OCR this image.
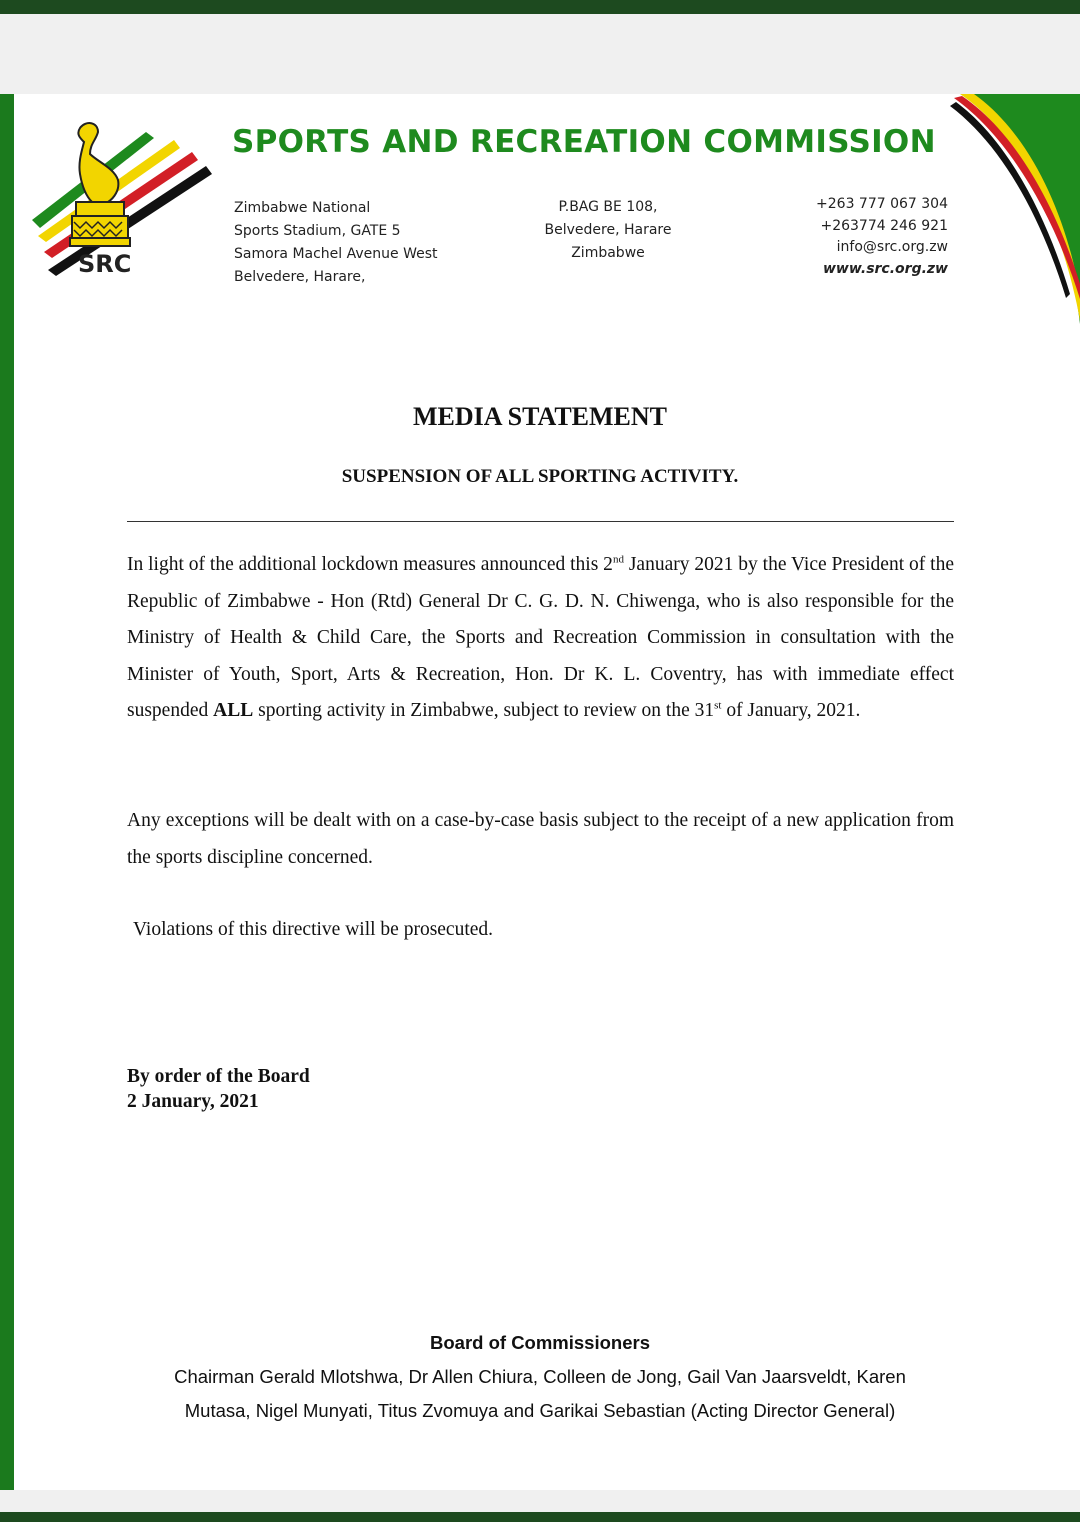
SRC
SPORTS AND RECREATION COMMISSION
Zimbabwe National
Sports Stadium, GATE 5
Samora Machel Avenue West
Belvedere, Harare,
P.BAG BE 108,
Belvedere, Harare
Zimbabwe
+263 777 067 304
+263774 246 921
info@src.org.zw
www.src.org.zw
MEDIA STATEMENT
SUSPENSION OF ALL SPORTING ACTIVITY.
In light of the additional lockdown measures announced this 2nd January 2021 by the Vice President of the Republic of Zimbabwe - Hon (Rtd) General Dr C. G. D. N. Chiwenga, who is also responsible for the Ministry of Health & Child Care, the Sports and Recreation Commission in consultation with the Minister of Youth, Sport, Arts & Recreation, Hon. Dr K. L. Coventry, has with immediate effect suspended ALL sporting activity in Zimbabwe, subject to review on the 31st of January, 2021.
Any exceptions will be dealt with on a case-by-case basis subject to the receipt of a new application from the sports discipline concerned.
Violations of this directive will be prosecuted.
By order of the Board
2 January, 2021
Board of Commissioners
Chairman Gerald Mlotshwa, Dr Allen Chiura, Colleen de Jong, Gail Van Jaarsveldt, Karen Mutasa, Nigel Munyati, Titus Zvomuya and Garikai Sebastian (Acting Director General)
